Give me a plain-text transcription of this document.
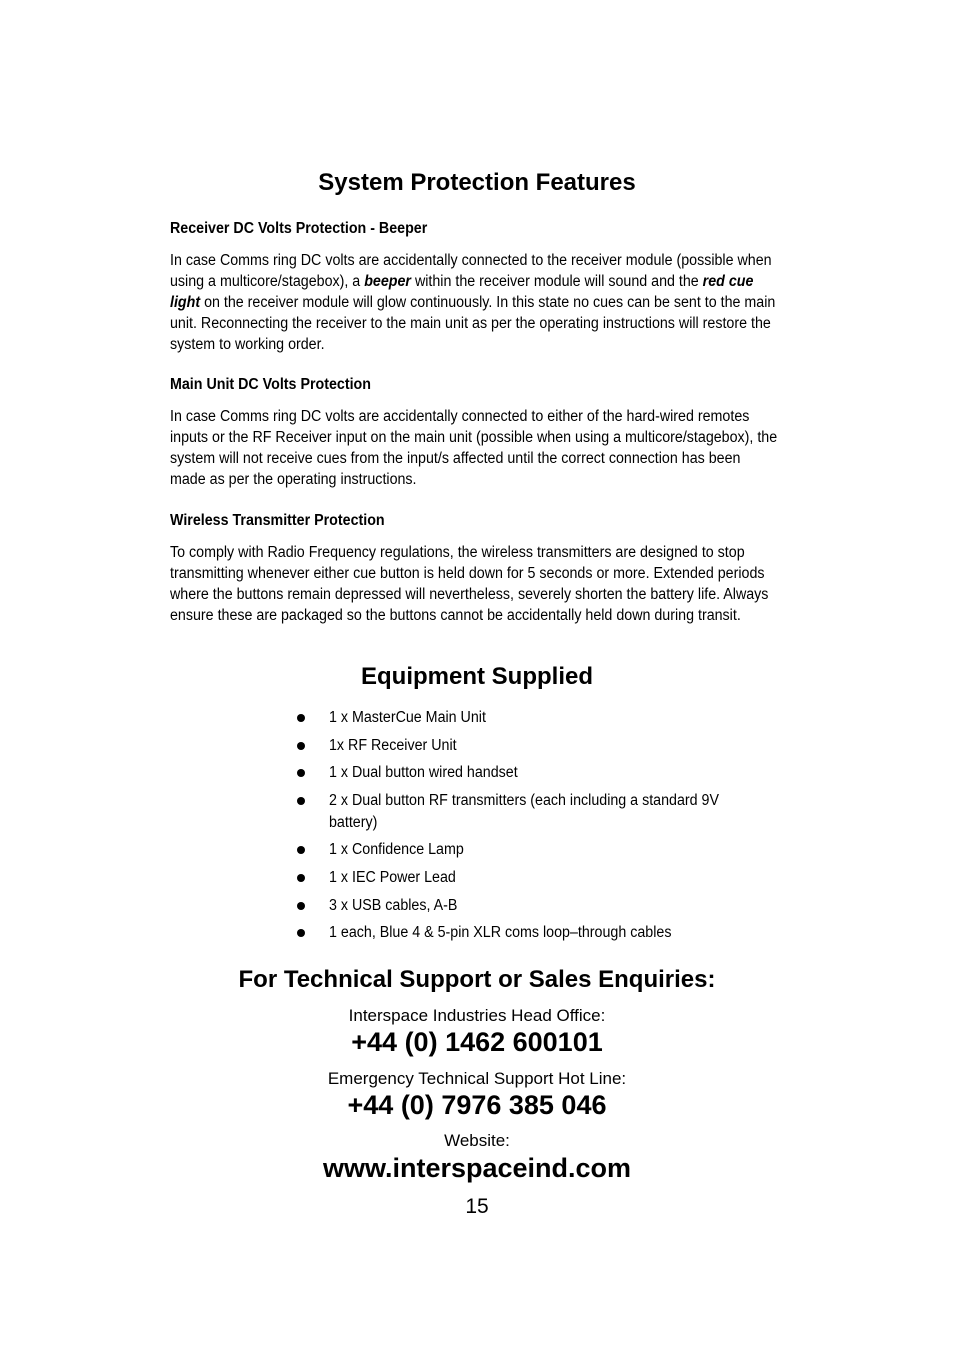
System Protection Features
Receiver DC Volts Protection - Beeper

In case Comms ring DC volts are accidentally connected to the receiver module (possible when using a multicore/stagebox), a beeper within the receiver module will sound and the red cue light on the receiver module will glow continuously. In this state no cues can be sent to the main unit. Reconnecting the receiver to the main unit as per the operating instructions will restore the system to working order.

Main Unit DC Volts Protection

In case Comms ring DC volts are accidentally connected to either of the hard-wired remotes inputs or the RF Receiver input on the main unit (possible when using a multicore/stagebox), the system will not receive cues from the input/s affected until the correct connection has been made as per the operating instructions.

Wireless Transmitter Protection

To comply with Radio Frequency regulations, the wireless transmitters are designed to stop transmitting whenever either cue button is held down for 5 seconds or more. Extended periods where the buttons remain depressed will nevertheless, severely shorten the battery life. Always ensure these are packaged so the buttons cannot be accidentally held down during transit.

Equipment Supplied
1 x MasterCue Main Unit
1x RF Receiver Unit
1 x Dual button wired handset
2 x Dual button RF transmitters (each including a standard 9V battery)
1 x Confidence Lamp
1 x IEC Power Lead
3 x USB cables, A-B
1 each, Blue 4 & 5-pin XLR coms loop–through cables
For Technical Support or Sales Enquiries:

Interspace Industries Head Office:

+44 (0) 1462 600101

Emergency Technical Support Hot Line:

+44 (0) 7976 385 046

Website:

www.interspaceind.com

15
